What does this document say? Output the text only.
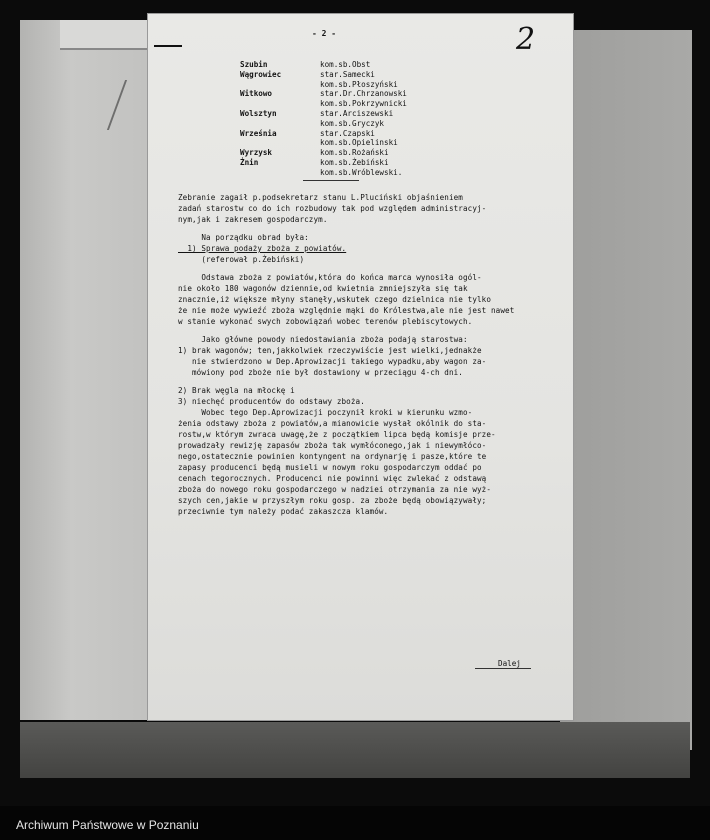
- 2 -	2
Szubin	kom.sb.Obst
Wągrowiec	star.Samecki
kom.sb.Płoszyński
Witkowo	star.Dr.Chrzanowski
kom.sb.Pokrzywnicki
Wolsztyn	star.Arciszewski
kom.sb.Gryczyk
Września	star.Czapski
kom.sb.Opielinski
Wyrzysk	kom.sb.Rożański
Żnin	kom.sb.Żebiński
kom.sb.Wróblewski.

Zebranie zagaił p.podsekretarz stanu L.Pluciński objaśnieniem

zadań starostw co do ich rozbudowy tak pod względem administracyj-

nym,jak i zakresem gospodarczym.

Na porządku obrad była:

1) Sprawa podaży zboża z powiatów.

(referował p.Żebiński)

Odstawa zboża z powiatów,która do końca marca wynosiła ogól-

nie około 180 wagonów dziennie,od kwietnia zmniejszyła się tak

znacznie,iż większe młyny stanęły,wskutek czego dzielnica nie tylko

że nie może wywieźć zboża względnie mąki do Królestwa,ale nie jest nawet

w stanie wykonać swych zobowiązań wobec terenów plebiscytowych.

Jako główne powody niedostawiania zboża podają starostwa:

1) brak wagonów; ten,jakkolwiek rzeczywiście jest wielki,jednakże

nie stwierdzono w Dep.Aprowizacji takiego wypadku,aby wagon za-

mówiony pod zboże nie był dostawiony w przeciągu 4-ch dni.

2) Brak węgla na młockę i

3) niechęć producentów do odstawy zboża.

Wobec tego Dep.Aprowizacji poczynił kroki w kierunku wzmo-

żenia odstawy zboża z powiatów,a mianowicie wysłał okólnik do sta-

rostw,w którym zwraca uwagę,że z początkiem lipca będą komisje prze-

prowadzały rewizję zapasów zboża tak wymłóconego,jak i niewymłóco-

nego,ostatecznie powinien kontyngent na ordynarję i pasze,które te

zapasy producenci będą musieli w nowym roku gospodarczym oddać po

cenach tegorocznych. Producenci nie powinni więc zwlekać z odstawą

zboża do nowego roku gospodarczego w nadziei otrzymania za nie wyż-

szych cen,jakie w przyszłym roku gosp. za zboże będą obowiązywały;

przeciwnie tym należy podać zakaszcza klamów.

Dalej
Archiwum Państwowe w Poznaniu
